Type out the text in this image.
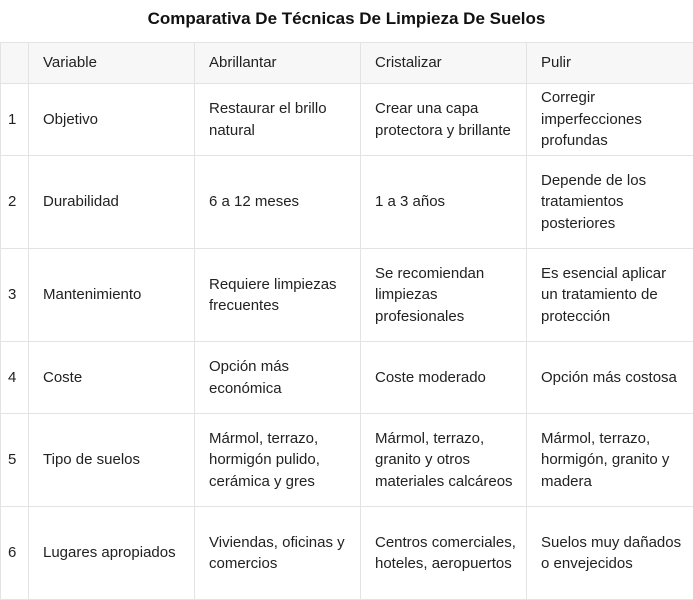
Comparativa De Técnicas De Limpieza De Suelos
	Variable	Abrillantar	Cristalizar	Pulir
1	Objetivo	Restaurar el brillo natural	Crear una capa protectora y brillante	Corregir imperfecciones profundas
2	Durabilidad	6 a 12 meses	1 a 3 años	Depende de los tratamientos posteriores
3	Mantenimiento	Requiere limpiezas frecuentes	Se recomiendan limpiezas profesionales	Es esencial aplicar un tratamiento de protección
4	Coste	Opción más económica	Coste moderado	Opción más costosa
5	Tipo de suelos	Mármol, terrazo, hormigón pulido, cerámica y gres	Mármol, terrazo, granito y otros materiales calcáreos	Mármol, terrazo, hormigón, granito y madera
6	Lugares apropiados	Viviendas, oficinas y comercios	Centros comerciales, hoteles, aeropuertos	Suelos muy dañados o envejecidos
